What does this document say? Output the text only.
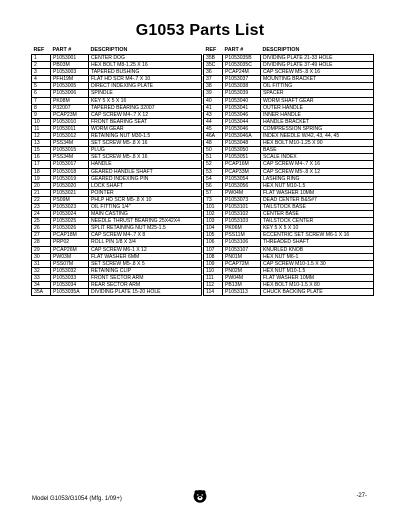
G1053 Parts List
REF	PART #	DESCRIPTION
1	P1053001	CENTER DOG
2	PB03M	HEX BOLT M8-1.25 X 16
3	P1053003	TAPERED BUSHING
4	PFH19M	FLAT HD SCR M4-.7 X 10
5	P1053005	DIRECT INDEXING PLATE
6	P1053006	SPINDLE
7	PK08M	KEY 5 X 5 X 16
8	P32007	TAPERED BEARING 32007
9	PCAP23M	CAP SCREW M4-.7 X 12
10	P1053010	FRONT BEARING SEAT
11	P1053011	WORM GEAR
12	P1053012	RETAINING NUT M30-1.5
13	PSS34M	SET SCREW M5-.8 X 16
15	P1053015	PLUG
16	PSS34M	SET SCREW M5-.8 X 16
17	P1053017	HANDLE
18	P1053018	GEARED HANDLE SHAFT
19	P1053019	GEARED INDEXING PIN
20	P1053020	LOCK SHAFT
21	P1053021	POINTER
22	PS09M	PHLP HD SCR M5-.8 X 10
23	P1053023	OIL FITTING 1/4"
24	P1053024	MAIN CASTING
25	P1053025	NEEDLE THRUST BEARING 25X42X4
26	P1053026	SPLIT RETAINING NUT M25-1.5
27	PCAP18M	CAP SCREW M4-.7 X 8
28	PRP02	ROLL PIN 1/8 X 3/4
29	PCAP26M	CAP SCREW M6-1 X 12
30	PW03M	FLAT WASHER 6MM
31	PSS07M	SET SCREW M5-.8 X 5
32	P1053032	RETAINING CLIP
33	P1053033	FRONT SECTOR ARM
34	P1053034	REAR SECTOR ARM
35A	P1053035A	DIVIDING PLATE 15-20 HOLE
REF	PART #	DESCRIPTION
35B	P1053035B	DIVIDING PLATE 21-33 HOLE
35C	P1053035C	DIVIDING PLATE 37-49 HOLE
36	PCAP24M	CAP SCREW M5-.8 X 16
37	P1053037	MOUNTING BRACKET
38	P1053038	OIL FITTING
39	P1053039	SPACER
40	P1053040	WORM SHAFT GEAR
41	P1053041	OUTER HANDLE
43	P1053046	INNER HANDLE
44	P1053044	HANDLE BRACKET
45	P1053046	COMPRESSION SPRING
46A	P1053046A	INDEX NEEDLE W/42, 43, 44, 45
48	P1053048	HEX BOLT M10-1.25 X 90
50	P1053050	BASE
51	P1053051	SCALE INDEX
52	PCAP16M	CAP SCREW M4-.7 X 16
53	PCAP33M	CAP SCREW M5-.8 X 12
54	P1053054	LASHING RING
56	P1053056	HEX NUT M10-1.5
57	PW04M	FLAT WASHER 10MM
73	P1053073	DEAD CENTER B&S#7
101	P1053101	TAILSTOCK BASE
102	P1053102	CENTER BASE
103	P1053103	TAILSTOCK CENTER
104	PK06M	KEY 5 X 5 X 10
105	PSS11M	ECCENTRIC SET SCREW M6-1 X 16
106	P1053106	THREADED SHAFT
107	P1053107	KNURLED KNOB
108	PN01M	HEX NUT M6-1
109	PCAP72M	CAP SCREW M10-1.5 X 30
110	PN02M	HEX NUT M10-1.5
111	PW04M	FLAT WASHER 10MM
112	PB13M	HEX BOLT M10-1.5 X 80
114	P1053113	CHUCK BACKING PLATE
Model G1053/G1054 (Mfg. 1/09+)	-27-
